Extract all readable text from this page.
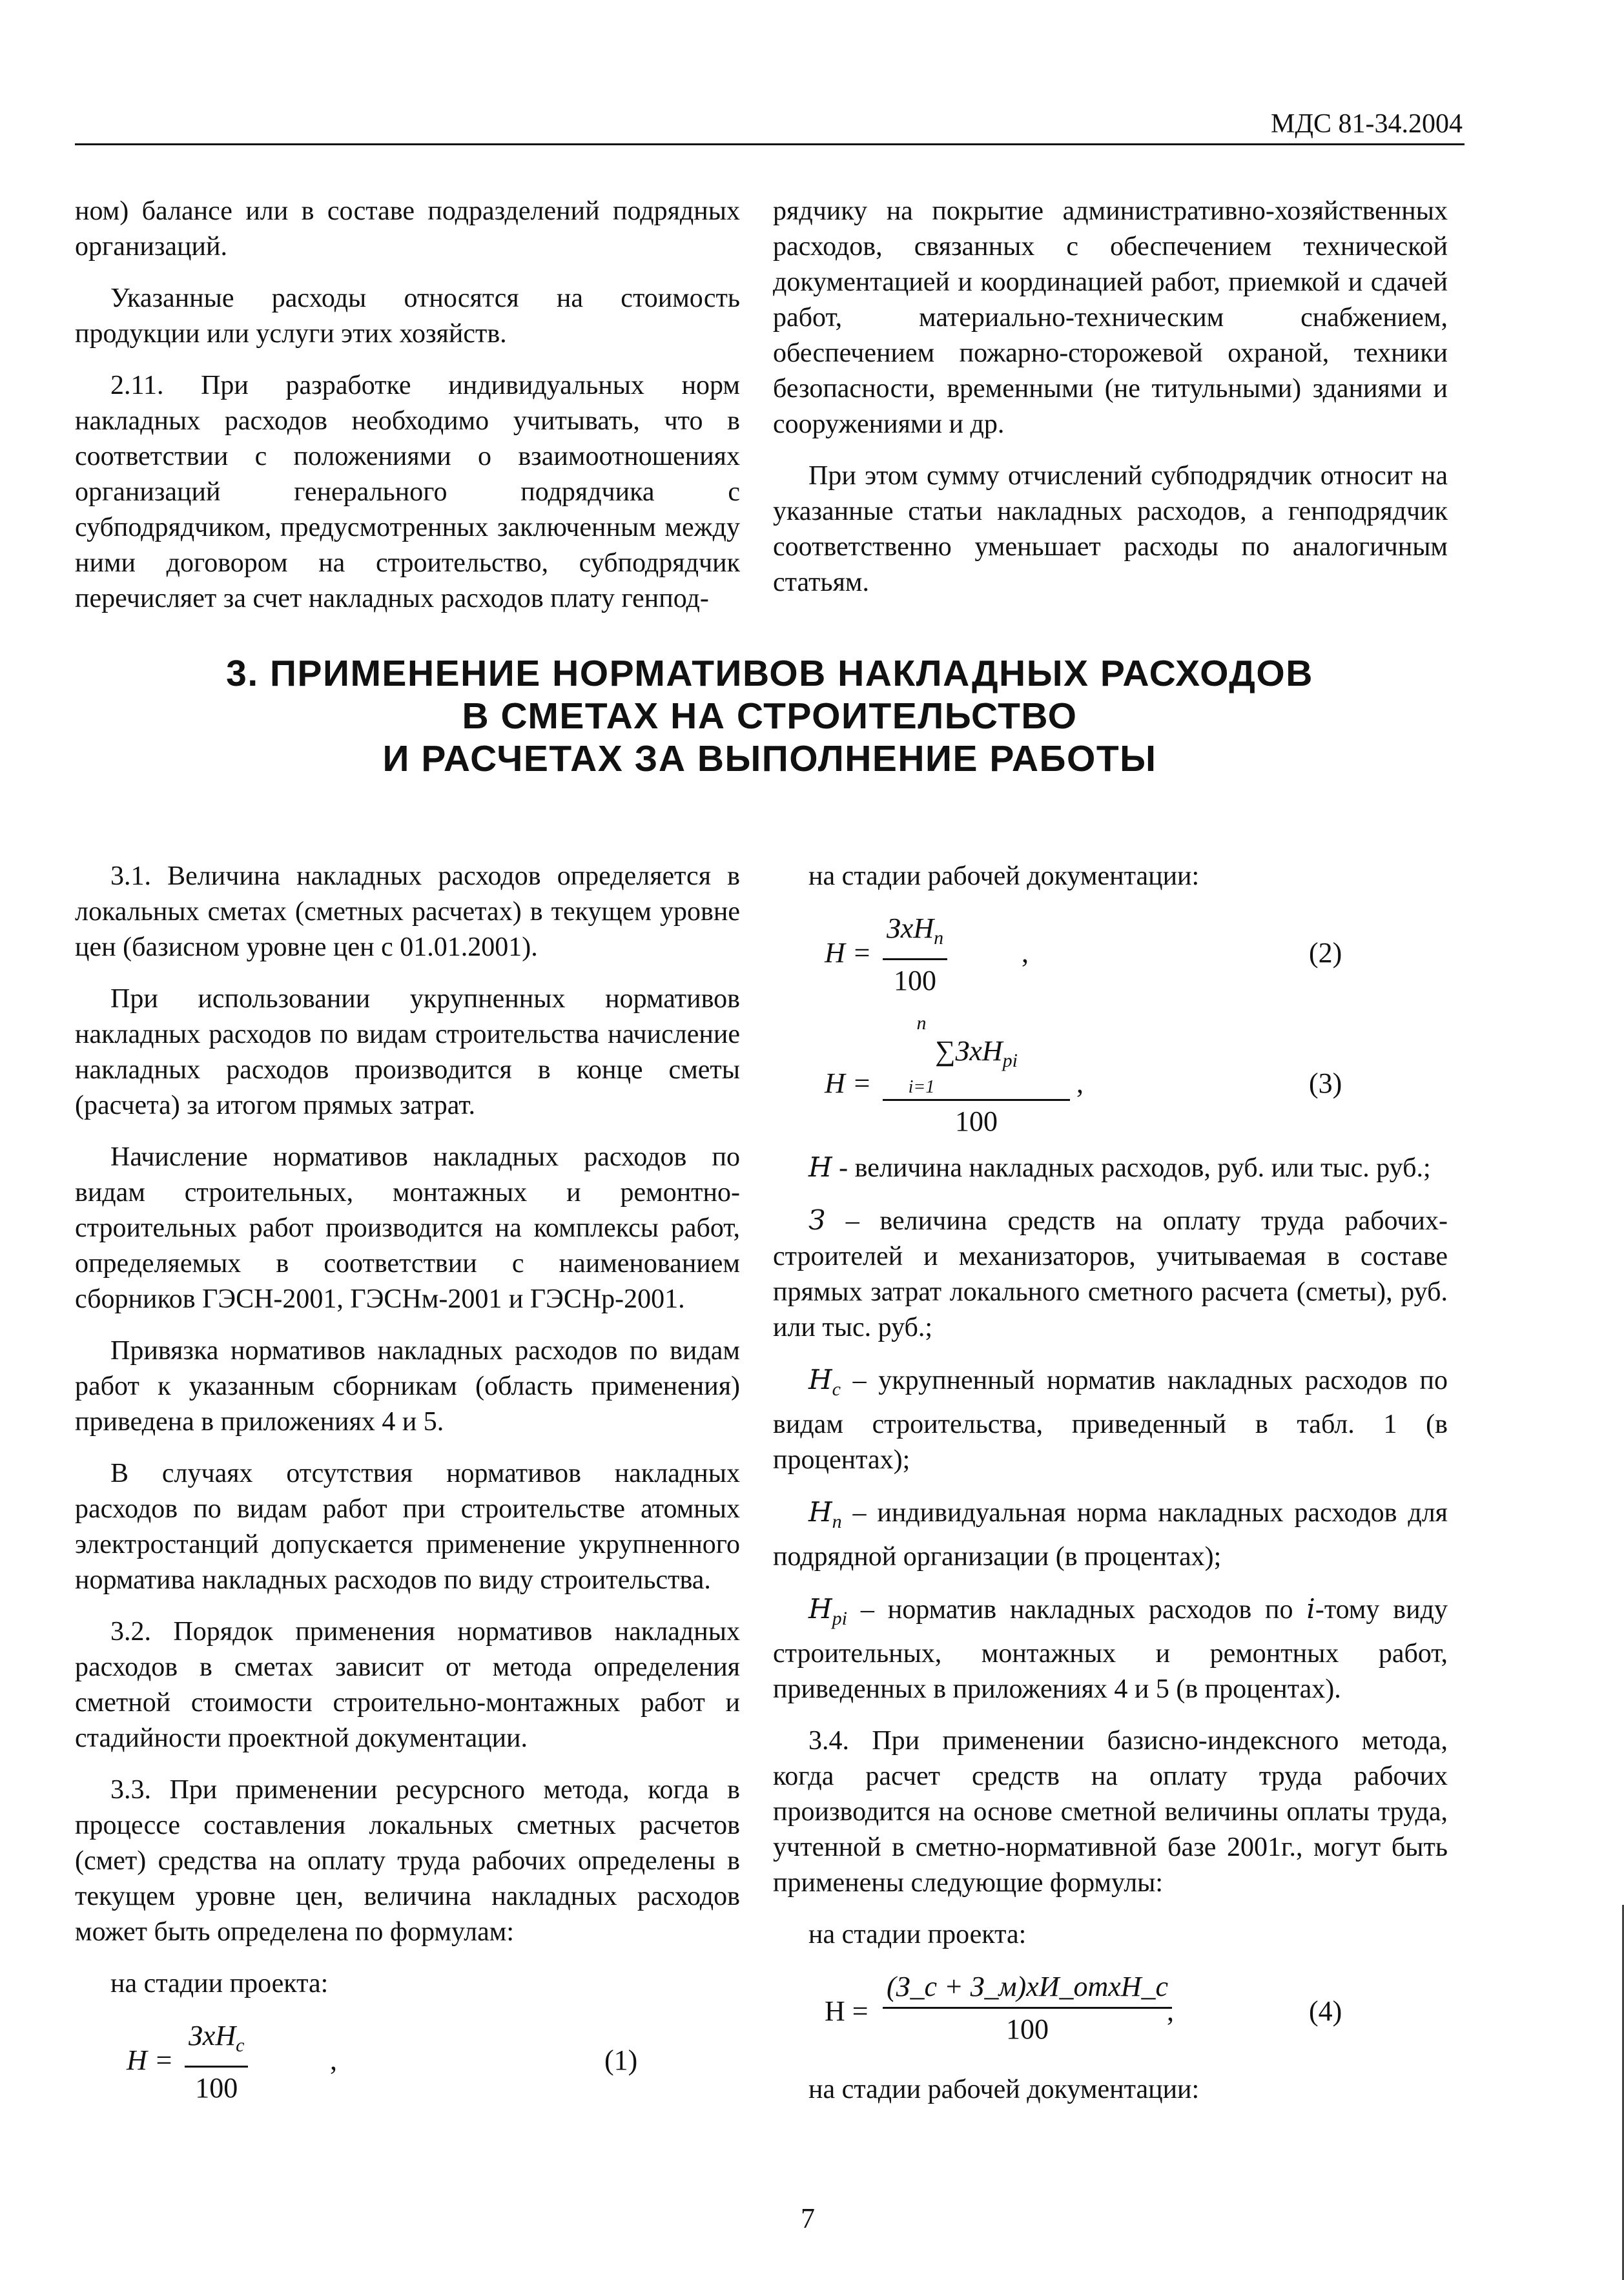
МДС 81-34.2004

ном) балансе или в составе подразделений подрядных организаций.

Указанные расходы относятся на стоимость продукции или услуги этих хозяйств.

2.11. При разработке индивидуальных норм накладных расходов необходимо учитывать, что в соответствии с положениями о взаимоотношениях организаций генерального подрядчика с субподрядчиком, предусмотренных заключенным между ними договором на строительство, субподрядчик перечисляет за счет накладных расходов плату генпод-

рядчику на покрытие административно-хозяйственных расходов, связанных с обеспечением технической документацией и координацией работ, приемкой и сдачей работ, материально-техническим снабжением, обеспечением пожарно-сторожевой охраной, техники безопасности, временными (не титульными) зданиями и сооружениями и др.

При этом сумму отчислений субподрядчик относит на указанные статьи накладных расходов, а генподрядчик соответственно уменьшает расходы по аналогичным статьям.

3. ПРИМЕНЕНИЕ НОРМАТИВОВ НАКЛАДНЫХ РАСХОДОВ
В СМЕТАХ НА СТРОИТЕЛЬСТВО
И РАСЧЕТАХ ЗА ВЫПОЛНЕНИЕ РАБОТЫ

3.1. Величина накладных расходов определяется в локальных сметах (сметных расчетах) в текущем уровне цен (базисном уровне цен с 01.01.2001).

При использовании укрупненных нормативов накладных расходов по видам строительства начисление накладных расходов производится в конце сметы (расчета) за итогом прямых затрат.

Начисление нормативов накладных расходов по видам строительных, монтажных и ремонтно-строительных работ производится на комплексы работ, определяемых в соответствии с наименованием сборников ГЭСН-2001, ГЭСНм-2001 и ГЭСНр-2001.

Привязка нормативов накладных расходов по видам работ к указанным сборникам (область применения) приведена в приложениях 4 и 5.

В случаях отсутствия нормативов накладных расходов по видам работ при строительстве атомных электростанций допускается применение укрупненного норматива накладных расходов по виду строительства.

3.2. Порядок применения нормативов накладных расходов в сметах зависит от метода определения сметной стоимости строительно-монтажных работ и стадийности проектной документации.

3.3. При применении ресурсного метода, когда в процессе составления локальных сметных расчетов (смет) средства на оплату труда рабочих определены в текущем уровне цен, величина накладных расходов может быть определена по формулам:

на стадии проекта:

Н =
ЗхН$_с$
100
,	(1)

на стадии рабочей документации:

Н =
ЗхН$_п$
100
,	(2)
Н =
n
∑ЗхН$_{pi}$
i=1
100
,	(3)

Н - величина накладных расходов, руб. или тыс. руб.;

З – величина средств на оплату труда рабочих-строителей и механизаторов, учитываемая в составе прямых затрат локального сметного расчета (сметы), руб. или тыс. руб.;

$Н_с$ – укрупненный норматив накладных расходов по видам строительства, приведенный в табл. 1 (в процентах);

$Н_п$ – индивидуальная норма накладных расходов для подрядной организации (в процентах);

$Н_{pi}$ – норматив накладных расходов по i-тому виду строительных, монтажных и ремонтных работ, приведенных в приложениях 4 и 5 (в процентах).

3.4. При применении базисно-индексного метода, когда расчет средств на оплату труда рабочих производится на основе сметной величины оплаты труда, учтенной в сметно-нормативной базе 2001г., могут быть применены следующие формулы:

на стадии проекта:

Н =
(З_с + З_м)хИ_отхН_с
100
,	(4)

на стадии рабочей документации:

7
